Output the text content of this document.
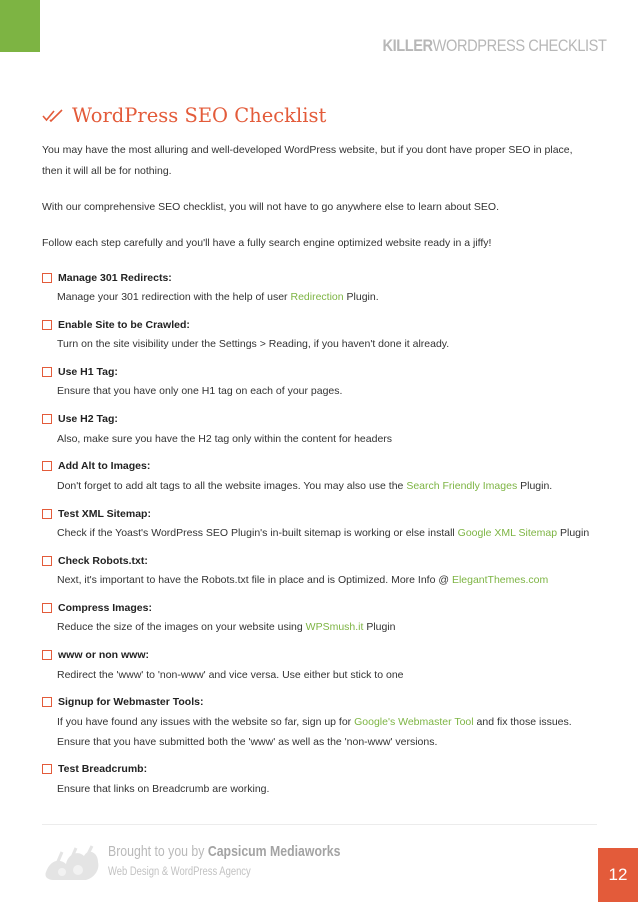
KILLERWORDPRESS CHECKLIST
WordPress SEO Checklist

You may have the most alluring and well-developed WordPress website, but if you dont have proper SEO in place,

then it will all be for nothing.

With our comprehensive SEO checklist, you will not have to go anywhere else to learn about SEO.

Follow each step carefully and you'll have a fully search engine optimized website ready in a jiffy!

Manage 301 Redirects:
Manage your 301 redirection with the help of user Redirection Plugin.
Enable Site to be Crawled:
Turn on the site visibility under the Settings > Reading, if you haven't done it already.
Use H1 Tag:
Ensure that you have only one H1 tag on each of your pages.
Use H2 Tag:
Also, make sure you have the H2 tag only within the content for headers
Add Alt to Images:
Don't forget to add alt tags to all the website images. You may also use the Search Friendly Images Plugin.
Test XML Sitemap:
Check if the Yoast's WordPress SEO Plugin's in-built sitemap is working or else install Google XML Sitemap Plugin
Check Robots.txt:
Next, it's important to have the Robots.txt file in place and is Optimized. More Info @ ElegantThemes.com
Compress Images:
Reduce the size of the images on your website using WPSmush.it Plugin
www or non www:
Redirect the 'www' to 'non-www' and vice versa. Use either but stick to one
Signup for Webmaster Tools:
If you have found any issues with the website so far, sign up for Google's Webmaster Tool and fix those issues.
Ensure that you have submitted both the 'www' as well as the 'non-www' versions.
Test Breadcrumb:
Ensure that links on Breadcrumb are working.
Brought to you by Capsicum Mediaworks
Web Design & WordPress Agency	12
